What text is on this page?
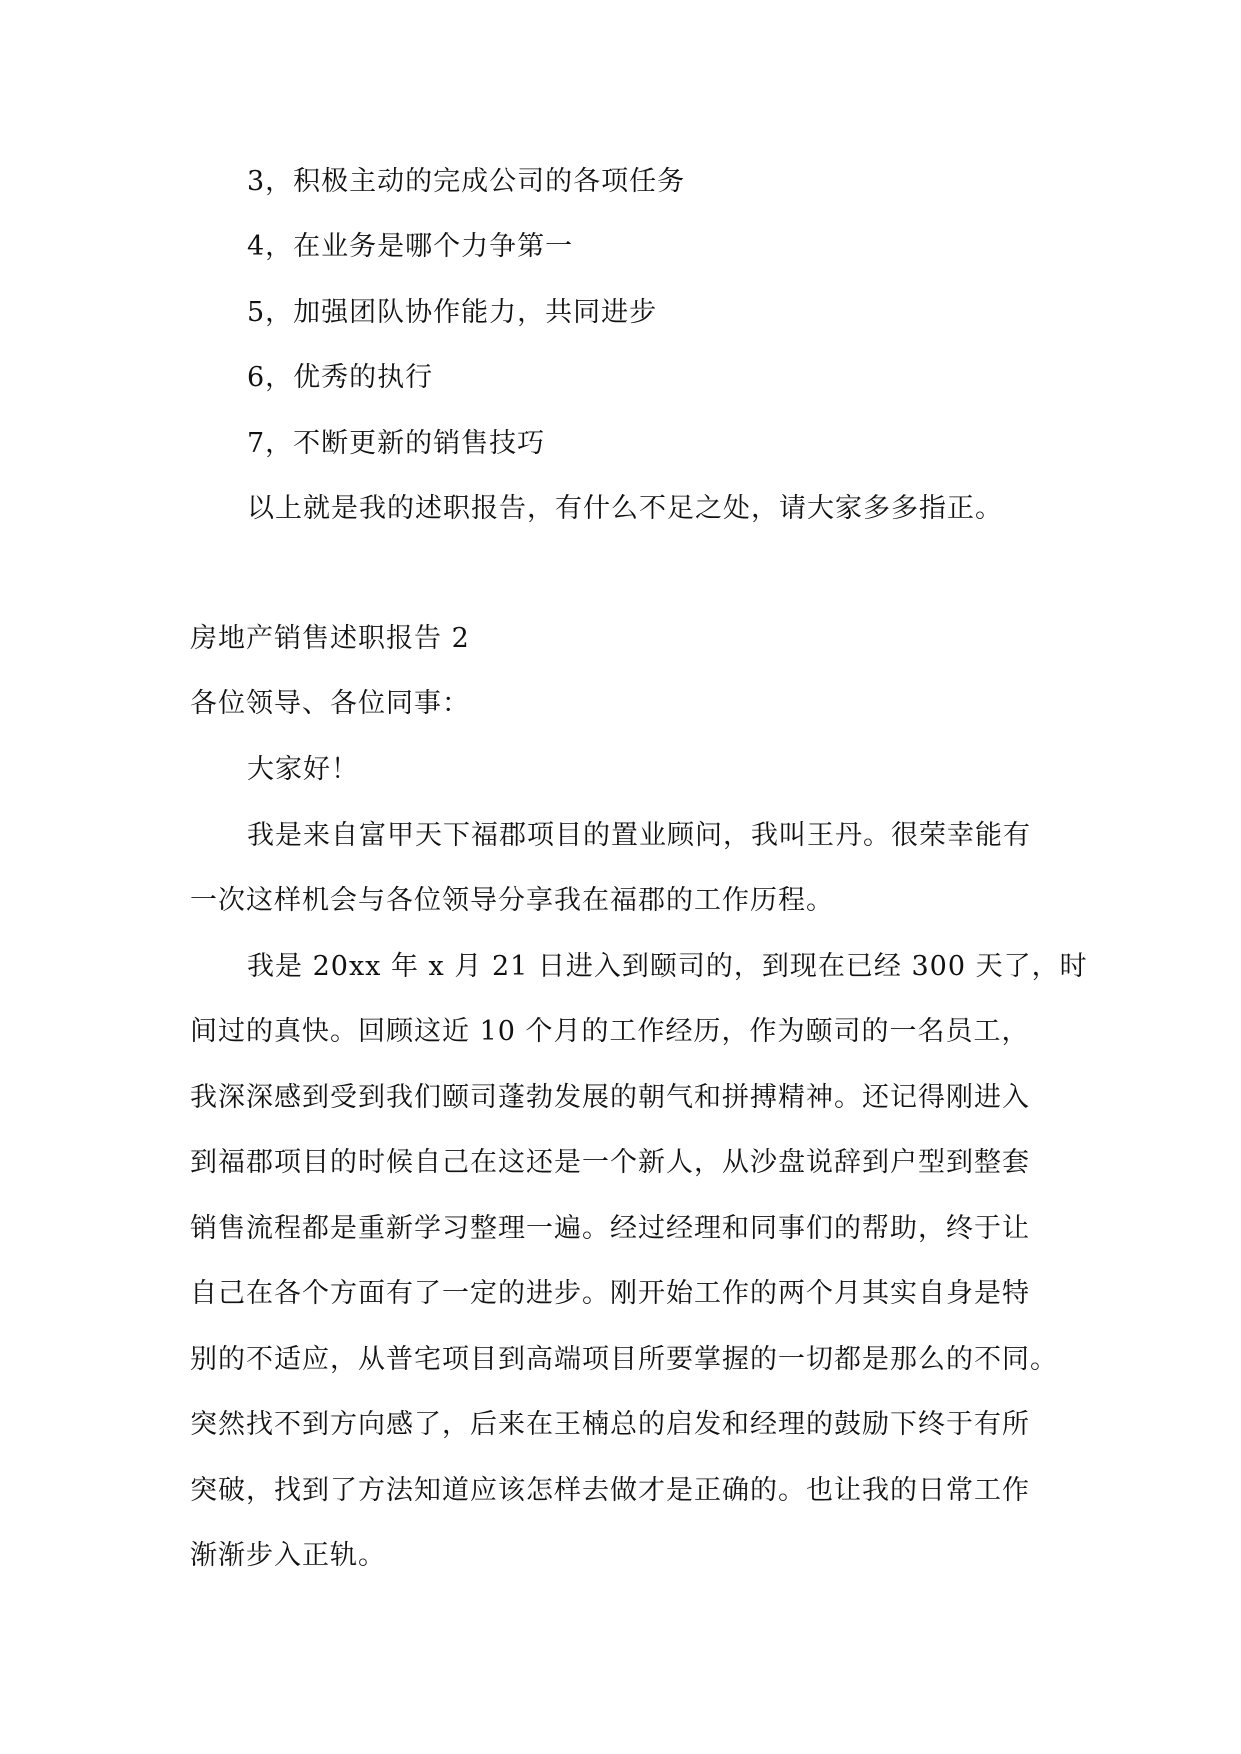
3，积极主动的完成公司的各项任务
4，在业务是哪个力争第一
5，加强团队协作能力，共同进步
6，优秀的执行
7，不断更新的销售技巧
以上就是我的述职报告，有什么不足之处，请大家多多指正。
房地产销售述职报告 2
各位领导、各位同事：
大家好！
我是来自富甲天下福郡项目的置业顾问，我叫王丹。很荣幸能有
一次这样机会与各位领导分享我在福郡的工作历程。
我是 20xx 年 x 月 21 日进入到颐司的，到现在已经 300 天了，时
间过的真快。回顾这近 10 个月的工作经历，作为颐司的一名员工，
我深深感到受到我们颐司蓬勃发展的朝气和拼搏精神。还记得刚进入
到福郡项目的时候自己在这还是一个新人，从沙盘说辞到户型到整套
销售流程都是重新学习整理一遍。经过经理和同事们的帮助，终于让
自己在各个方面有了一定的进步。刚开始工作的两个月其实自身是特
别的不适应，从普宅项目到高端项目所要掌握的一切都是那么的不同。
突然找不到方向感了，后来在王楠总的启发和经理的鼓励下终于有所
突破，找到了方法知道应该怎样去做才是正确的。也让我的日常工作
渐渐步入正轨。
